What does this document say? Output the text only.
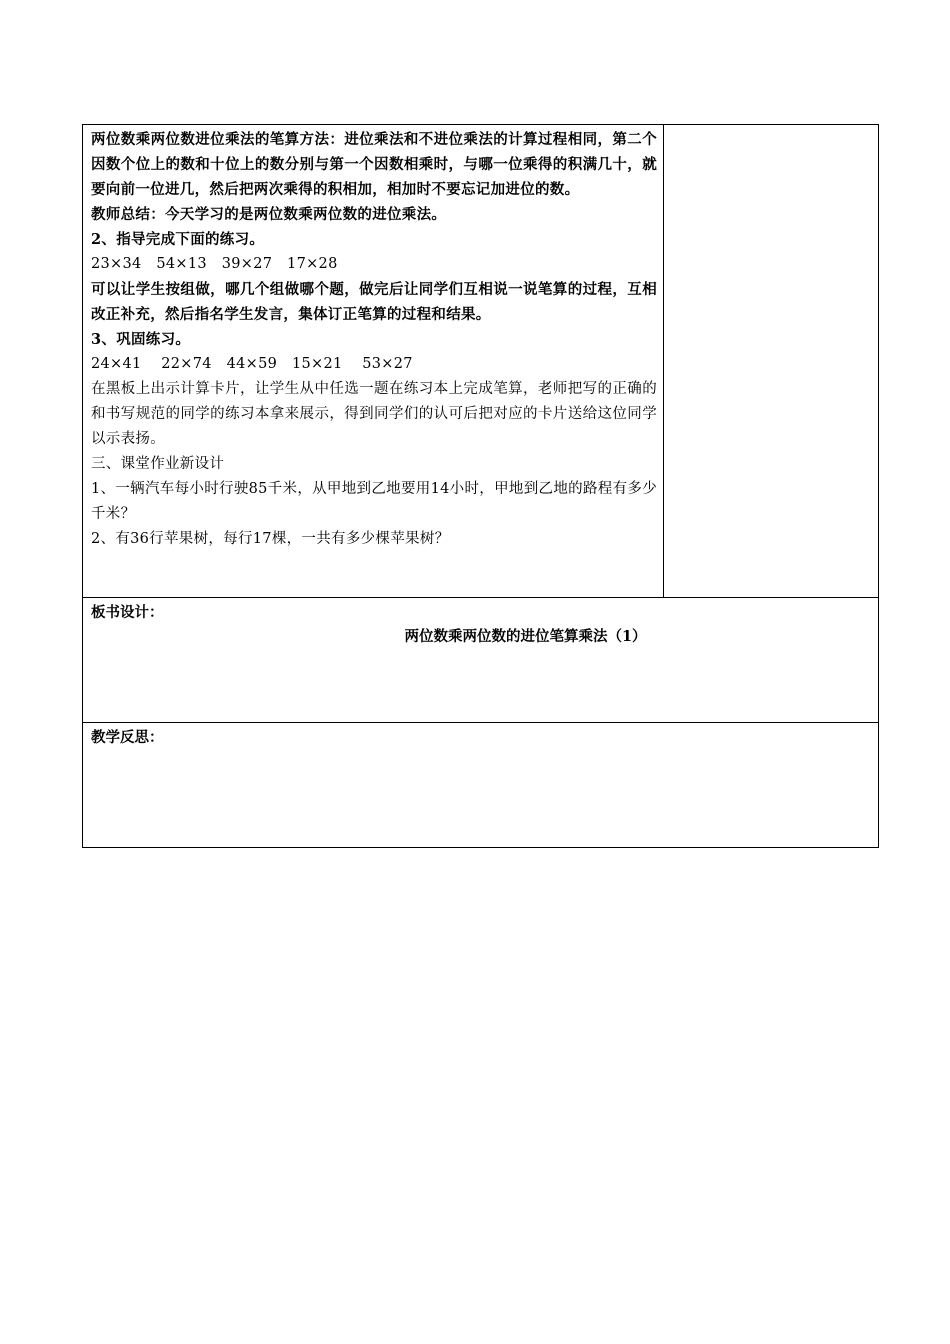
两位数乘两位数进位乘法的笔算方法：进位乘法和不进位乘法的计算过程相同，第二个因数个位上的数和十位上的数分别与第一个因数相乘时，与哪一位乘得的积满几十，就要向前一位进几，然后把两次乘得的积相加，相加时不要忘记加进位的数。

教师总结：今天学习的是两位数乘两位数的进位乘法。

2、指导完成下面的练习。

23×34　54×13　39×27　17×28

可以让学生按组做，哪几个组做哪个题，做完后让同学们互相说一说笔算的过程，互相改正补充，然后指名学生发言，集体订正笔算的过程和结果。

3、巩固练习。

24×41　 22×74　44×59　15×21　 53×27

在黑板上出示计算卡片，让学生从中任选一题在练习本上完成笔算，老师把写的正确的和书写规范的同学的练习本拿来展示，得到同学们的认可后把对应的卡片送给这位同学以示表扬。

三、课堂作业新设计

1、一辆汽车每小时行驶85千米，从甲地到乙地要用14小时，甲地到乙地的路程有多少千米？

2、有36行苹果树，每行17棵，一共有多少棵苹果树？

板书设计：
两位数乘两位数的进位笔算乘法（1）

教学反思：
